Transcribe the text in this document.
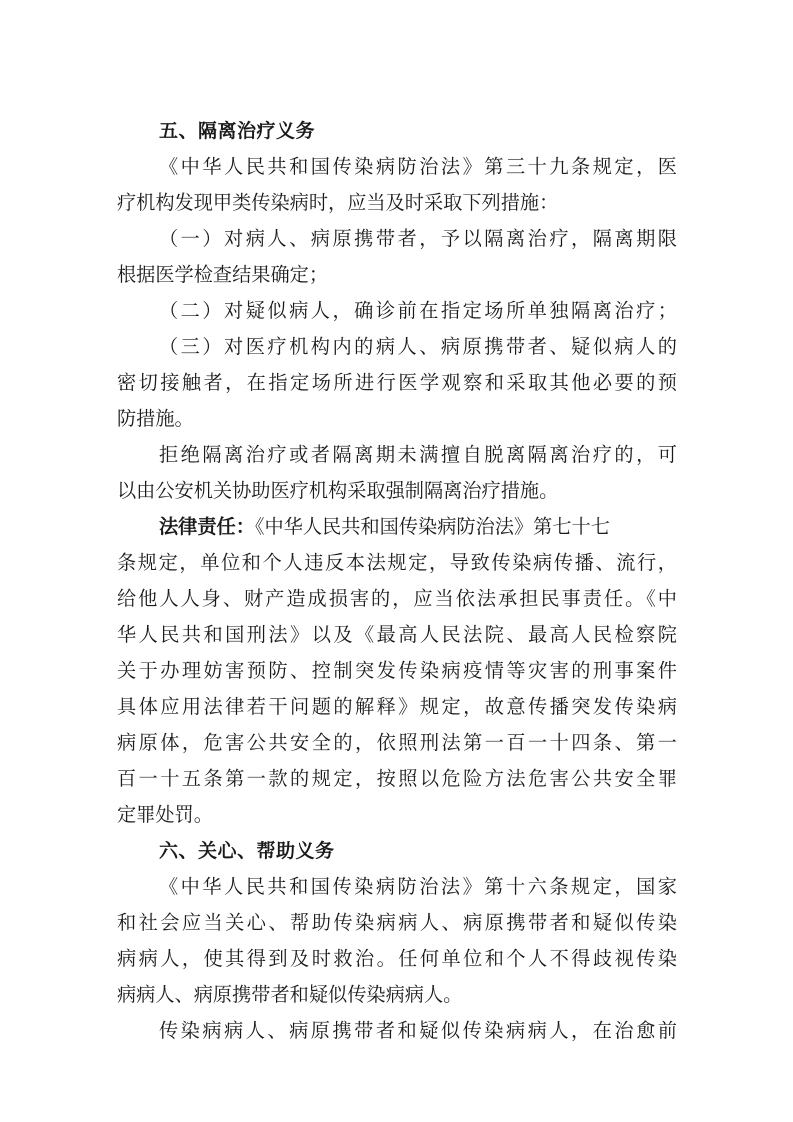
五、隔离治疗义务
《中华人民共和国传染病防治法》第三十九条规定，医
疗机构发现甲类传染病时，应当及时采取下列措施：
（一）对病人、病原携带者，予以隔离治疗，隔离期限
根据医学检查结果确定；
（二）对疑似病人，确诊前在指定场所单独隔离治疗；
（三）对医疗机构内的病人、病原携带者、疑似病人的
密切接触者，在指定场所进行医学观察和采取其他必要的预
防措施。
拒绝隔离治疗或者隔离期未满擅自脱离隔离治疗的，可
以由公安机关协助医疗机构采取强制隔离治疗措施。
法律责任：《中华人民共和国传染病防治法》第七十七
条规定，单位和个人违反本法规定，导致传染病传播、流行，
给他人人身、财产造成损害的，应当依法承担民事责任。《中
华人民共和国刑法》以及《最高人民法院、最高人民检察院
关于办理妨害预防、控制突发传染病疫情等灾害的刑事案件
具体应用法律若干问题的解释》规定，故意传播突发传染病
病原体，危害公共安全的，依照刑法第一百一十四条、第一
百一十五条第一款的规定，按照以危险方法危害公共安全罪
定罪处罚。
六、关心、帮助义务
《中华人民共和国传染病防治法》第十六条规定，国家
和社会应当关心、帮助传染病病人、病原携带者和疑似传染
病病人，使其得到及时救治。任何单位和个人不得歧视传染
病病人、病原携带者和疑似传染病病人。
传染病病人、病原携带者和疑似传染病病人，在治愈前
